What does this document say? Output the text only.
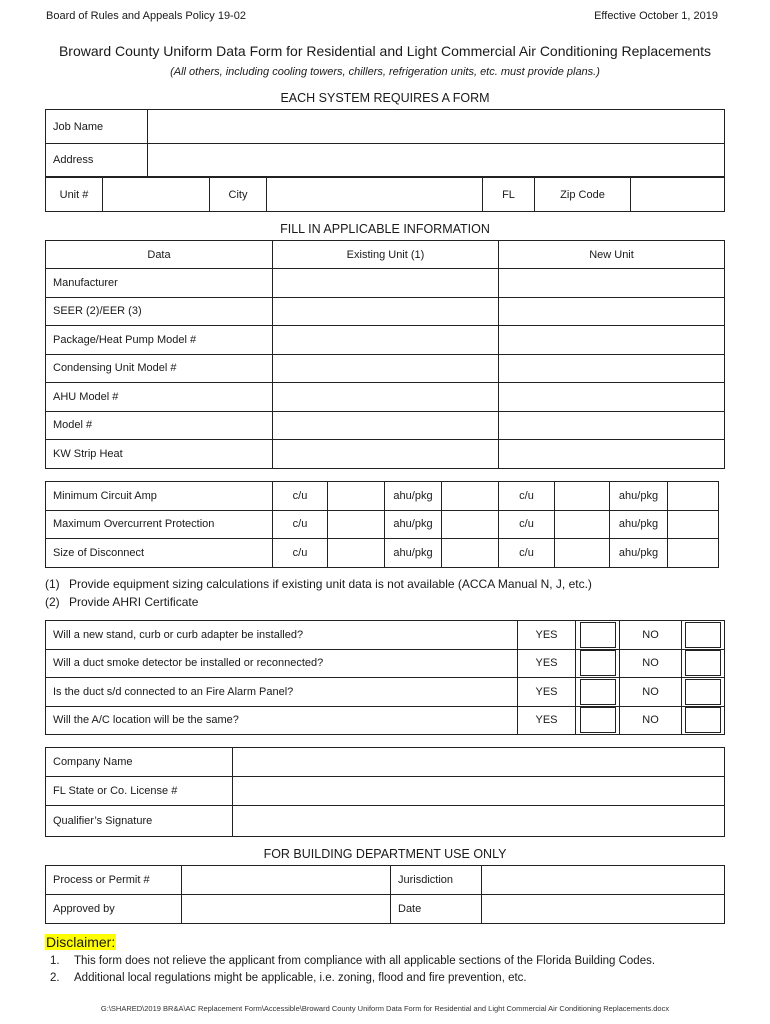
Board of Rules and Appeals Policy 19-02	Effective October 1, 2019
Broward County Uniform Data Form for Residential and Light Commercial Air Conditioning Replacements
(All others, including cooling towers, chillers, refrigeration units, etc. must provide plans.)
EACH SYSTEM REQUIRES A FORM
Job Name	
Address	
Unit #		City		FL	Zip Code	
FILL IN APPLICABLE INFORMATION
Data	Existing Unit (1)	New Unit
Manufacturer		
SEER (2)/EER (3)		
Package/Heat Pump Model #		
Condensing Unit Model #		
AHU Model #		
Model #		
KW Strip Heat		
Minimum Circuit Amp	c/u		ahu/pkg		c/u		ahu/pkg	
Maximum Overcurrent Protection	c/u		ahu/pkg		c/u		ahu/pkg	
Size of Disconnect	c/u		ahu/pkg		c/u		ahu/pkg	
(1) Provide equipment sizing calculations if existing unit data is not available (ACCA Manual N, J, etc.)
(2) Provide AHRI Certificate
Will a new stand, curb or curb adapter be installed?	YES		NO	
Will a duct smoke detector be installed or reconnected?	YES		NO	
Is the duct s/d connected to an Fire Alarm Panel?	YES		NO	
Will the A/C location will be the same?	YES		NO	
Company Name	
FL State or Co. License #	
Qualifier’s Signature	
FOR BUILDING DEPARTMENT USE ONLY
Process or Permit #		Jurisdiction	
Approved by		Date	
Disclaimer:
1. This form does not relieve the applicant from compliance with all applicable sections of the Florida Building Codes.
2. Additional local regulations might be applicable, i.e. zoning, flood and fire prevention, etc.
G:\SHARED\2019 BR&A\AC Replacement Form\Accessible\Broward County Uniform Data Form for Residential and Light Commercial Air Conditioning Replacements.docx
